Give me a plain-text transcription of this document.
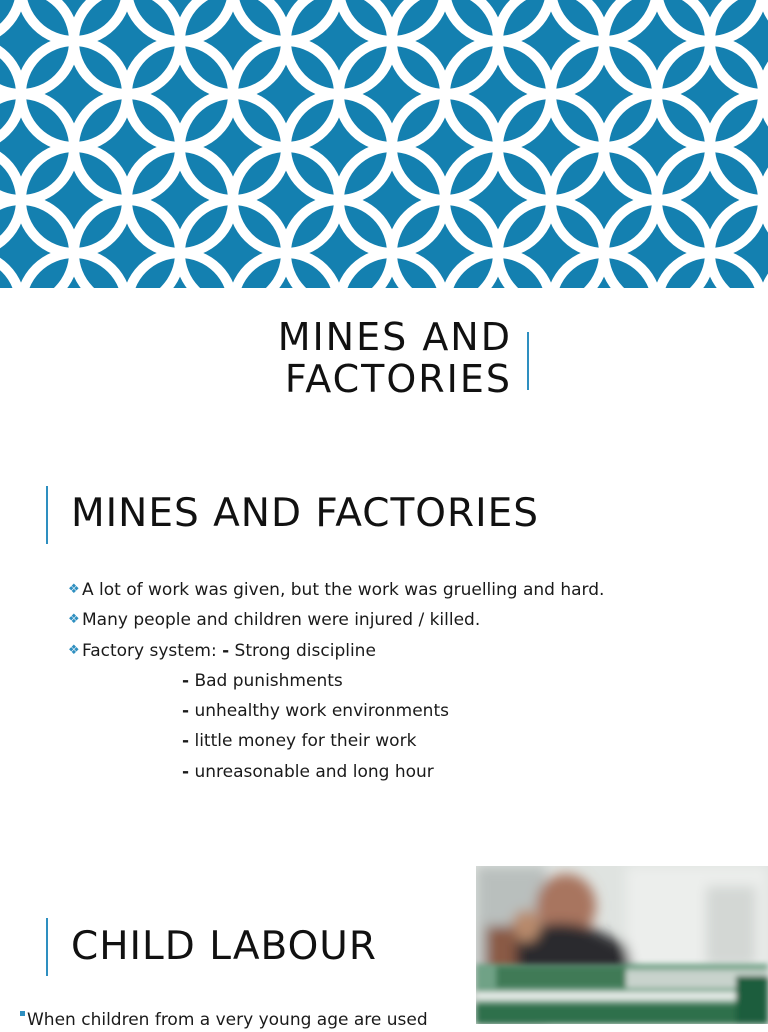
MINES AND FACTORIES
MINES AND FACTORIES
❖ A lot of work was given, but the work was gruelling and hard.
❖ Many people and children were injured / killed.
❖ Factory system: - Strong discipline
- Bad punishments
- unhealthy work environments
- little money for their work
- unreasonable and long hour
CHILD LABOUR
When children from a very young age are used
